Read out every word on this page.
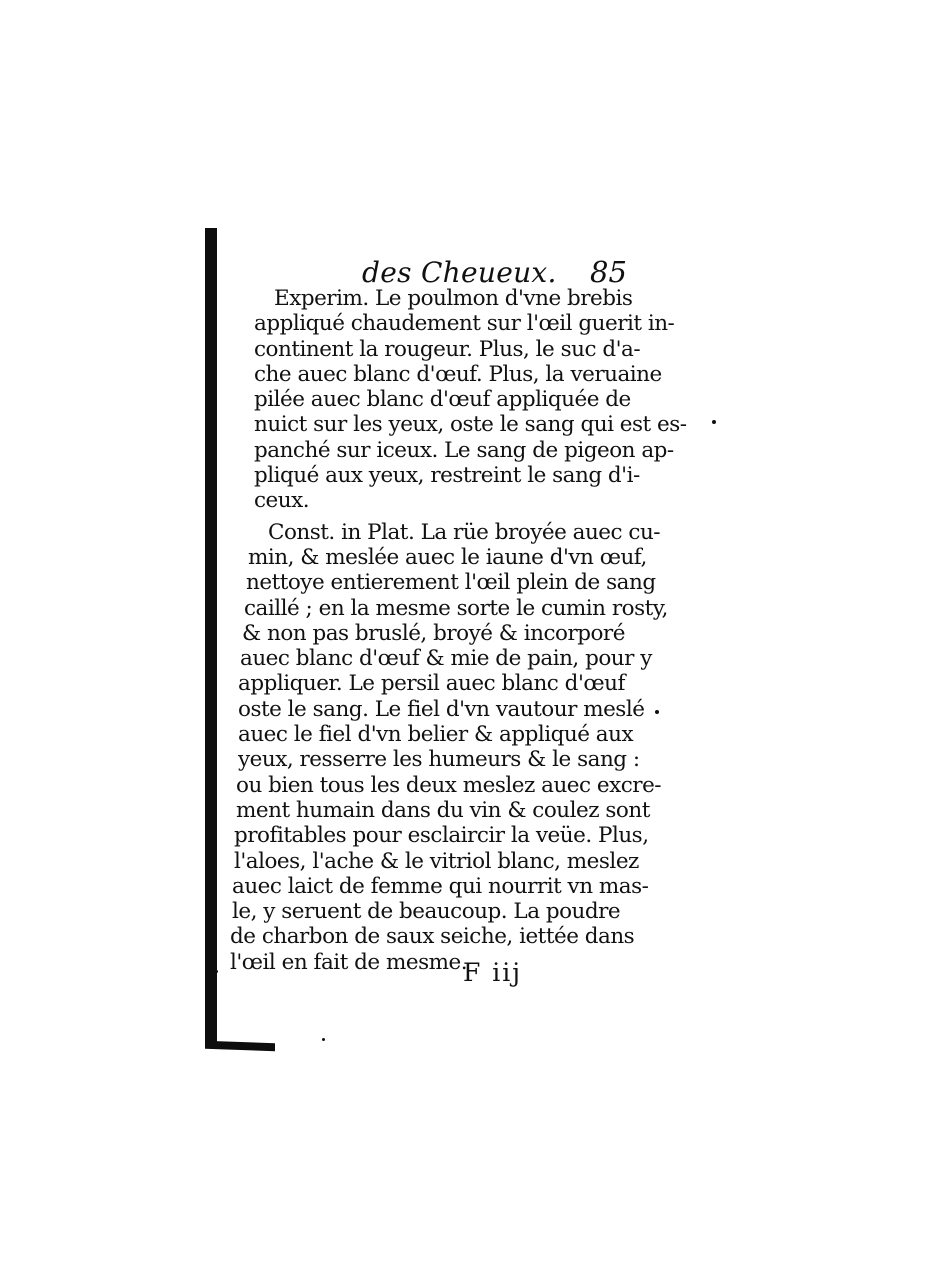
des Cheueux. 85
Experim. Le poulmon d'vne brebis
appliqué chaudement sur l'œil guerit in-
continent la rougeur. Plus, le suc d'a-
che auec blanc d'œuf. Plus, la veruaine
pilée auec blanc d'œuf appliquée de
nuict sur les yeux, oste le sang qui est es-
panché sur iceux. Le sang de pigeon ap-
pliqué aux yeux, restreint le sang d'i-
ceux.
Const. in Plat. La rüe broyée auec cu-
min, & meslée auec le iaune d'vn œuf,
nettoye entierement l'œil plein de sang
caillé ; en la mesme sorte le cumin rosty,
& non pas bruslé, broyé & incorporé
auec blanc d'œuf & mie de pain, pour y
appliquer. Le persil auec blanc d'œuf
oste le sang. Le fiel d'vn vautour meslé
auec le fiel d'vn belier & appliqué aux
yeux, resserre les humeurs & le sang :
ou bien tous les deux meslez auec excre-
ment humain dans du vin & coulez sont
profitables pour esclaircir la veüe. Plus,
l'aloes, l'ache & le vitriol blanc, meslez
auec laict de femme qui nourrit vn mas-
le, y seruent de beaucoup. La poudre
de charbon de saux seiche, iettée dans
l'œil en fait de mesme.
F iij
